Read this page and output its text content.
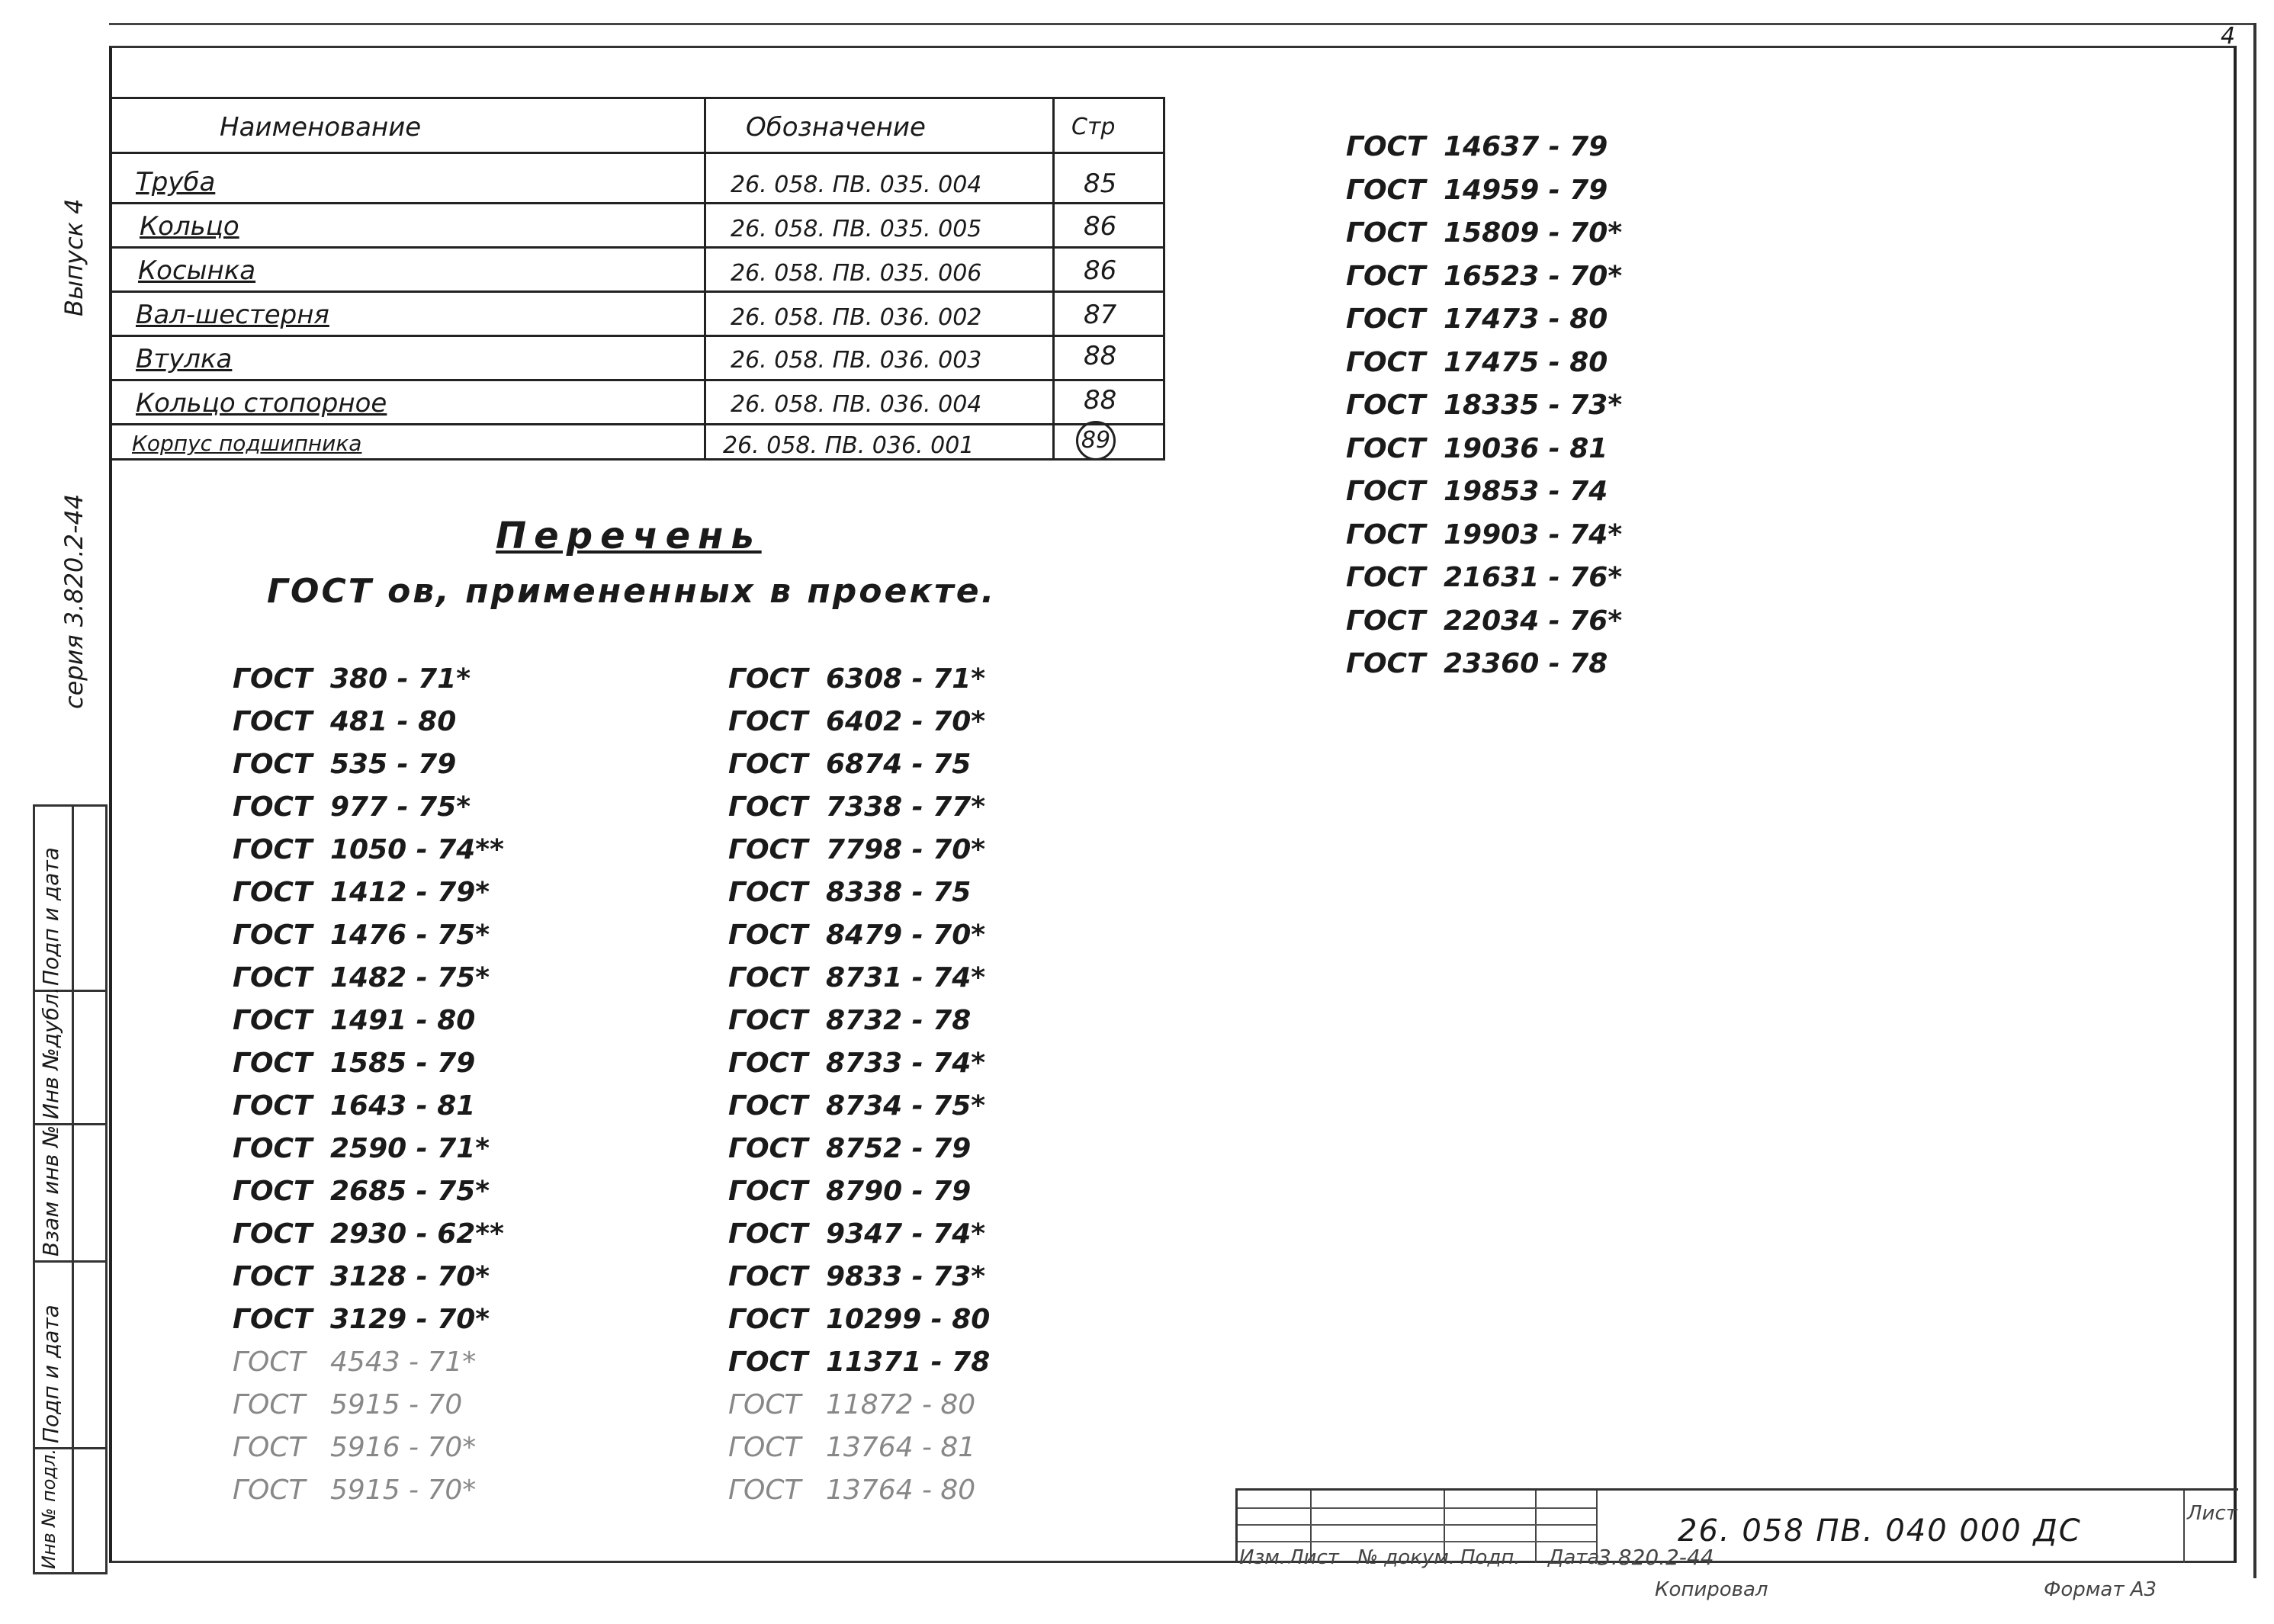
4
Выпуск 4
серия 3.820.2-44
Подп и дата
Инв №дубл.
Взам инв №
Подп и дата
Инв № подл.
Наименование	Обозначение	Стр
Труба	26. 058. ПВ. 035. 004	85
Кольцо	26. 058. ПВ. 035. 005	86
Косынка	26. 058. ПВ. 035. 006	86
Вал-шестерня	26. 058. ПВ. 036. 002	87
Втулка	26. 058. ПВ. 036. 003	88
Кольцо стопорное	26. 058. ПВ. 036. 004	88
Корпус подшипника	26. 058. ПВ. 036. 001	89
Перечень
ГОСТ ов, примененных в проекте.
ГОСТ 380 - 71*
ГОСТ 481 - 80
ГОСТ 535 - 79
ГОСТ 977 - 75*
ГОСТ 1050 - 74**
ГОСТ 1412 - 79*
ГОСТ 1476 - 75*
ГОСТ 1482 - 75*
ГОСТ 1491 - 80
ГОСТ 1585 - 79
ГОСТ 1643 - 81
ГОСТ 2590 - 71*
ГОСТ 2685 - 75*
ГОСТ 2930 - 62**
ГОСТ 3128 - 70*
ГОСТ 3129 - 70*
ГОСТ 4543 - 71*
ГОСТ 5915 - 70
ГОСТ 5916 - 70*
ГОСТ 5915 - 70*
ГОСТ 6308 - 71*
ГОСТ 6402 - 70*
ГОСТ 6874 - 75
ГОСТ 7338 - 77*
ГОСТ 7798 - 70*
ГОСТ 8338 - 75
ГОСТ 8479 - 70*
ГОСТ 8731 - 74*
ГОСТ 8732 - 78
ГОСТ 8733 - 74*
ГОСТ 8734 - 75*
ГОСТ 8752 - 79
ГОСТ 8790 - 79
ГОСТ 9347 - 74*
ГОСТ 9833 - 73*
ГОСТ 10299 - 80
ГОСТ 11371 - 78
ГОСТ 11872 - 80
ГОСТ 13764 - 81
ГОСТ 13764 - 80
ГОСТ 14637 - 79
ГОСТ 14959 - 79
ГОСТ 15809 - 70*
ГОСТ 16523 - 70*
ГОСТ 17473 - 80
ГОСТ 17475 - 80
ГОСТ 18335 - 73*
ГОСТ 19036 - 81
ГОСТ 19853 - 74
ГОСТ 19903 - 74*
ГОСТ 21631 - 76*
ГОСТ 22034 - 76*
ГОСТ 23360 - 78
26. 058 ПВ. 040 000 ДС
Изм. Лист № докум. Подп. Дата
3.820.2-44
Лист
Копировал	Формат А3
